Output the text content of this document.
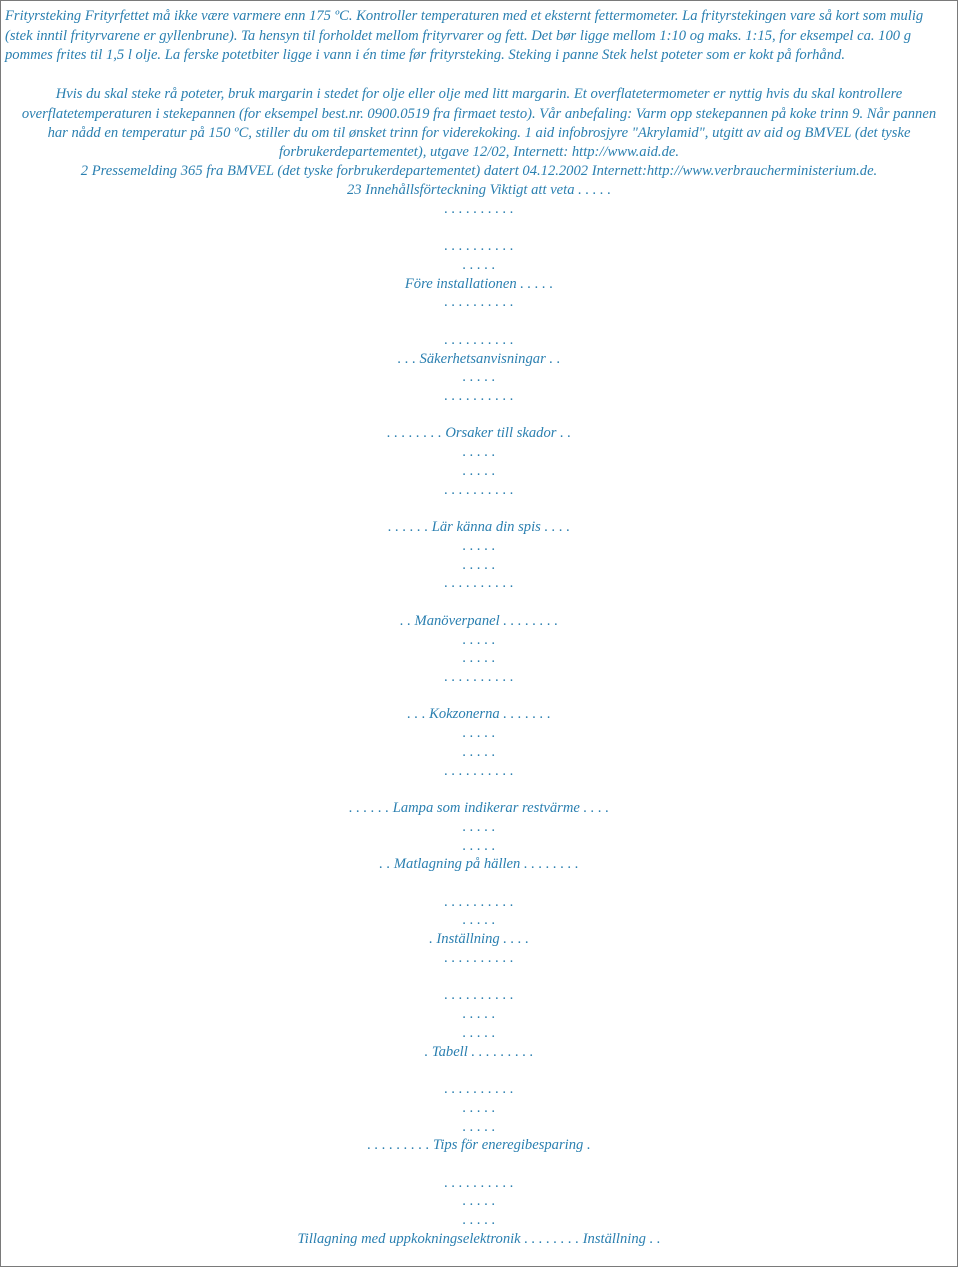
Frityrsteking Frityrfettet må ikke være varmere enn 175 ºC. Kontroller temperaturen med et eksternt fettermometer. La frityrstekingen vare så kort som mulig
(stek inntil frityrvarene er gyllenbrune). Ta hensyn til forholdet mellom frityrvarer og fett. Det bør ligge mellom 1:10 og maks. 1:15, for eksempel ca. 100 g
pommes frites til 1,5 l olje. La ferske potetbiter ligge i vann i én time før frityrsteking. Steking i panne Stek helst poteter som er kokt på forhånd.
Hvis du skal steke rå poteter, bruk margarin i stedet for olje eller olje med litt margarin. Et overflatetermometer er nyttig hvis du skal kontrollere
overflatetemperaturen i stekepannen (for eksempel best.nr. 0900.0519 fra firmaet testo). Vår anbefaling: Varm opp stekepannen på koke trinn 9. Når pannen
har nådd en temperatur på 150 ºC, stiller du om til ønsket trinn for viderekoking. 1 aid infobrosjyre "Akrylamid", utgitt av aid og BMVEL (det tyske
forbrukerdepartementet), utgave 12/02, Internett: http://www.aid.de.
2 Pressemelding 365 fra BMVEL (det tyske forbrukerdepartementet) datert 04.12.2002 Internett:http://www.verbraucherministerium.de.
23 Innehållsförteckning Viktigt att veta . . . . .
. . . . . . . . . .
. . . . . . . . . .
. . . . .
Före installationen . . . . .
. . . . . . . . . .
. . . . . . . . . .
. . . Säkerhetsanvisningar . .
. . . . .
. . . . . . . . . .
. . . . . . . . Orsaker till skador . .
. . . . .
. . . . .
. . . . . . . . . .
. . . . . . Lär känna din spis . . . .
. . . . .
. . . . .
. . . . . . . . . .
. . Manöverpanel . . . . . . . .
. . . . .
. . . . .
. . . . . . . . . .
. . . Kokzonerna . . . . . . .
. . . . .
. . . . .
. . . . . . . . . .
. . . . . . Lampa som indikerar restvärme . . . .
. . . . .
. . . . .
. . Matlagning på hällen . . . . . . . .
. . . . . . . . . .
. . . . .
. Inställning . . . .
. . . . . . . . . .
. . . . . . . . . .
. . . . .
. . . . .
. Tabell . . . . . . . . .
. . . . . . . . . .
. . . . .
. . . . .
. . . . . . . . . Tips för eneregibesparing .
. . . . . . . . . .
. . . . .
. . . . .
Tillagning med uppkokningselektronik . . . . . . . . Inställning . .
